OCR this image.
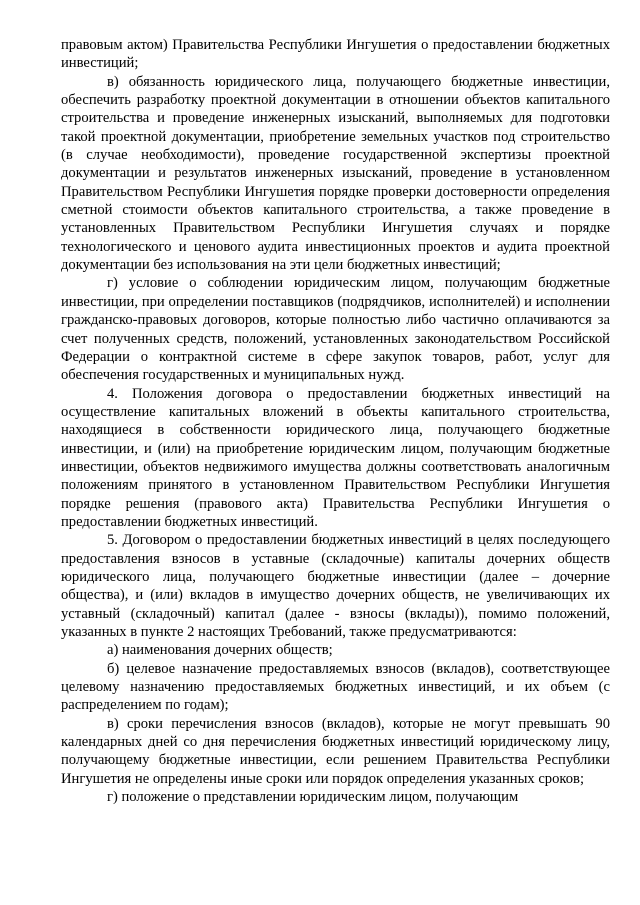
правовым актом) Правительства Республики Ингушетия о предоставлении бюджетных инвестиций;

в) обязанность юридического лица, получающего бюджетные инвестиции, обеспечить разработку проектной документации в отношении объектов капитального строительства и проведение инженерных изысканий, выполняемых для подготовки такой проектной документации, приобретение земельных участков под строительство (в случае необходимости), проведение государственной экспертизы проектной документации и результатов инженерных изысканий, проведение в установленном Правительством Республики Ингушетия порядке проверки достоверности определения сметной стоимости объектов капитального строительства, а также проведение в установленных Правительством Республики Ингушетия случаях и порядке технологического и ценового аудита инвестиционных проектов и аудита проектной документации без использования на эти цели бюджетных инвестиций;

г) условие о соблюдении юридическим лицом, получающим бюджетные инвестиции, при определении поставщиков (подрядчиков, исполнителей) и исполнении гражданско-правовых договоров, которые полностью либо частично оплачиваются за счет полученных средств, положений, установленных законодательством Российской Федерации о контрактной системе в сфере закупок товаров, работ, услуг для обеспечения государственных и муниципальных нужд.

4. Положения договора о предоставлении бюджетных инвестиций на осуществление капитальных вложений в объекты капитального строительства, находящиеся в собственности юридического лица, получающего бюджетные инвестиции, и (или) на приобретение юридическим лицом, получающим бюджетные инвестиции, объектов недвижимого имущества должны соответствовать аналогичным положениям принятого в установленном Правительством Республики Ингушетия порядке решения (правового акта) Правительства Республики Ингушетия о предоставлении бюджетных инвестиций.

5. Договором о предоставлении бюджетных инвестиций в целях последующего предоставления взносов в уставные (складочные) капиталы дочерних обществ юридического лица, получающего бюджетные инвестиции (далее – дочерние общества), и (или) вкладов в имущество дочерних обществ, не увеличивающих их уставный (складочный) капитал (далее - взносы (вклады)), помимо положений, указанных в пункте 2 настоящих Требований, также предусматриваются:

а) наименования дочерних обществ;

б) целевое назначение предоставляемых взносов (вкладов), соответствующее целевому назначению предоставляемых бюджетных инвестиций, и их объем (с распределением по годам);

в) сроки перечисления взносов (вкладов), которые не могут превышать 90 календарных дней со дня перечисления бюджетных инвестиций юридическому лицу, получающему бюджетные инвестиции, если решением Правительства Республики Ингушетия не определены иные сроки или порядок определения указанных сроков;

г) положение о представлении юридическим лицом, получающим
